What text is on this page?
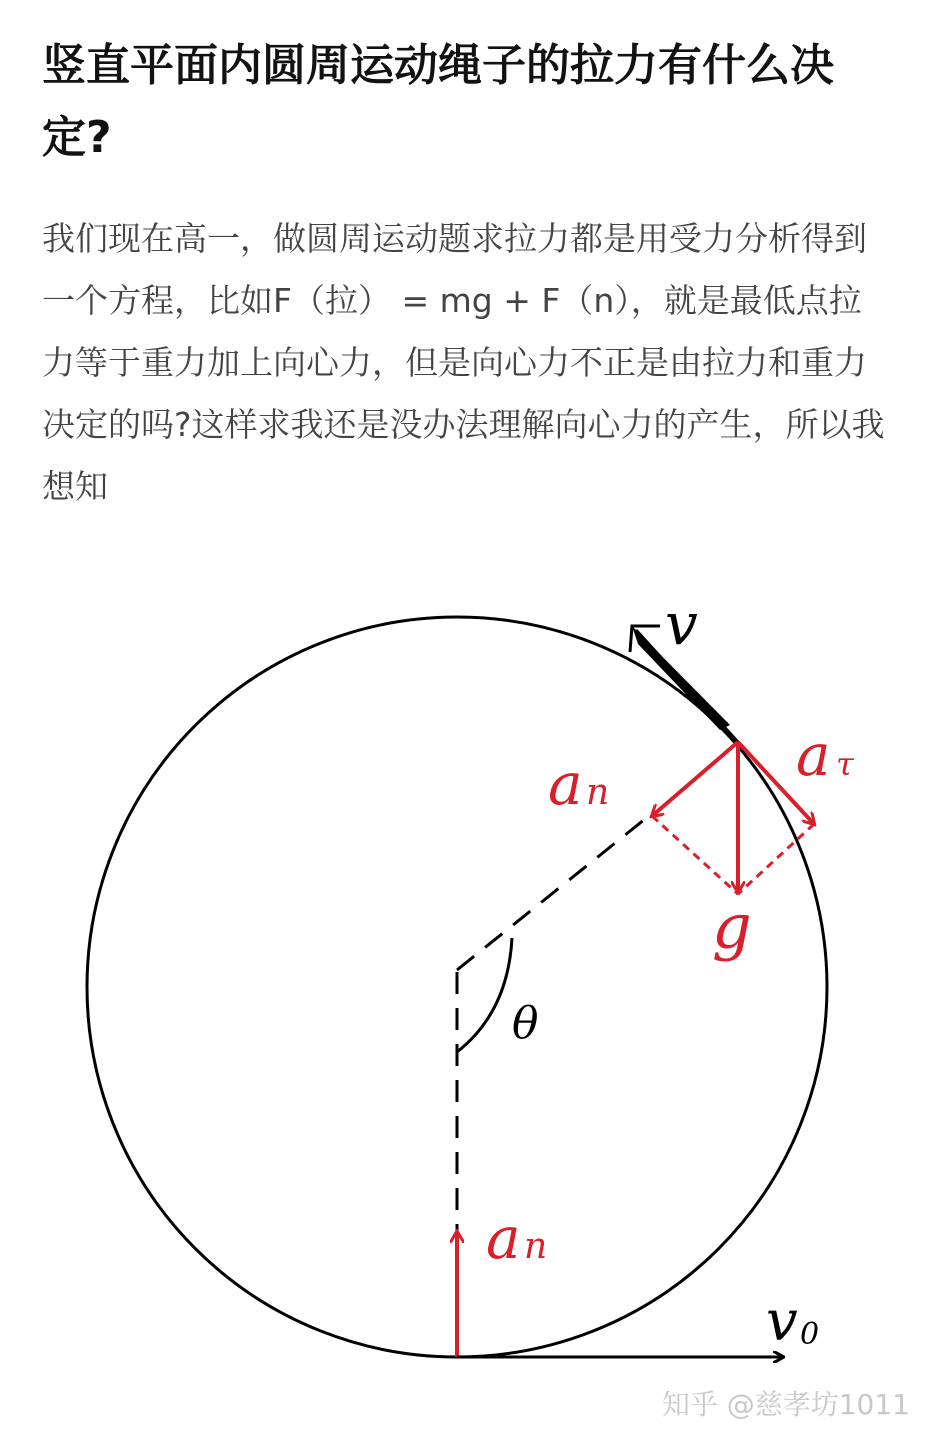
竖直平面内圆周运动绳子的拉力有什么决定?

我们现在高一，做圆周运动题求拉力都是用受力分析得到一个方程，比如F（拉） = mg + F（n），就是最低点拉力等于重力加上向心力，但是向心力不正是由拉力和重力决定的吗?这样求我还是没办法理解向心力的产生，所以我想知

v
a n
a τ
g
θ
a n
v 0
知乎 @慈孝坊1011
